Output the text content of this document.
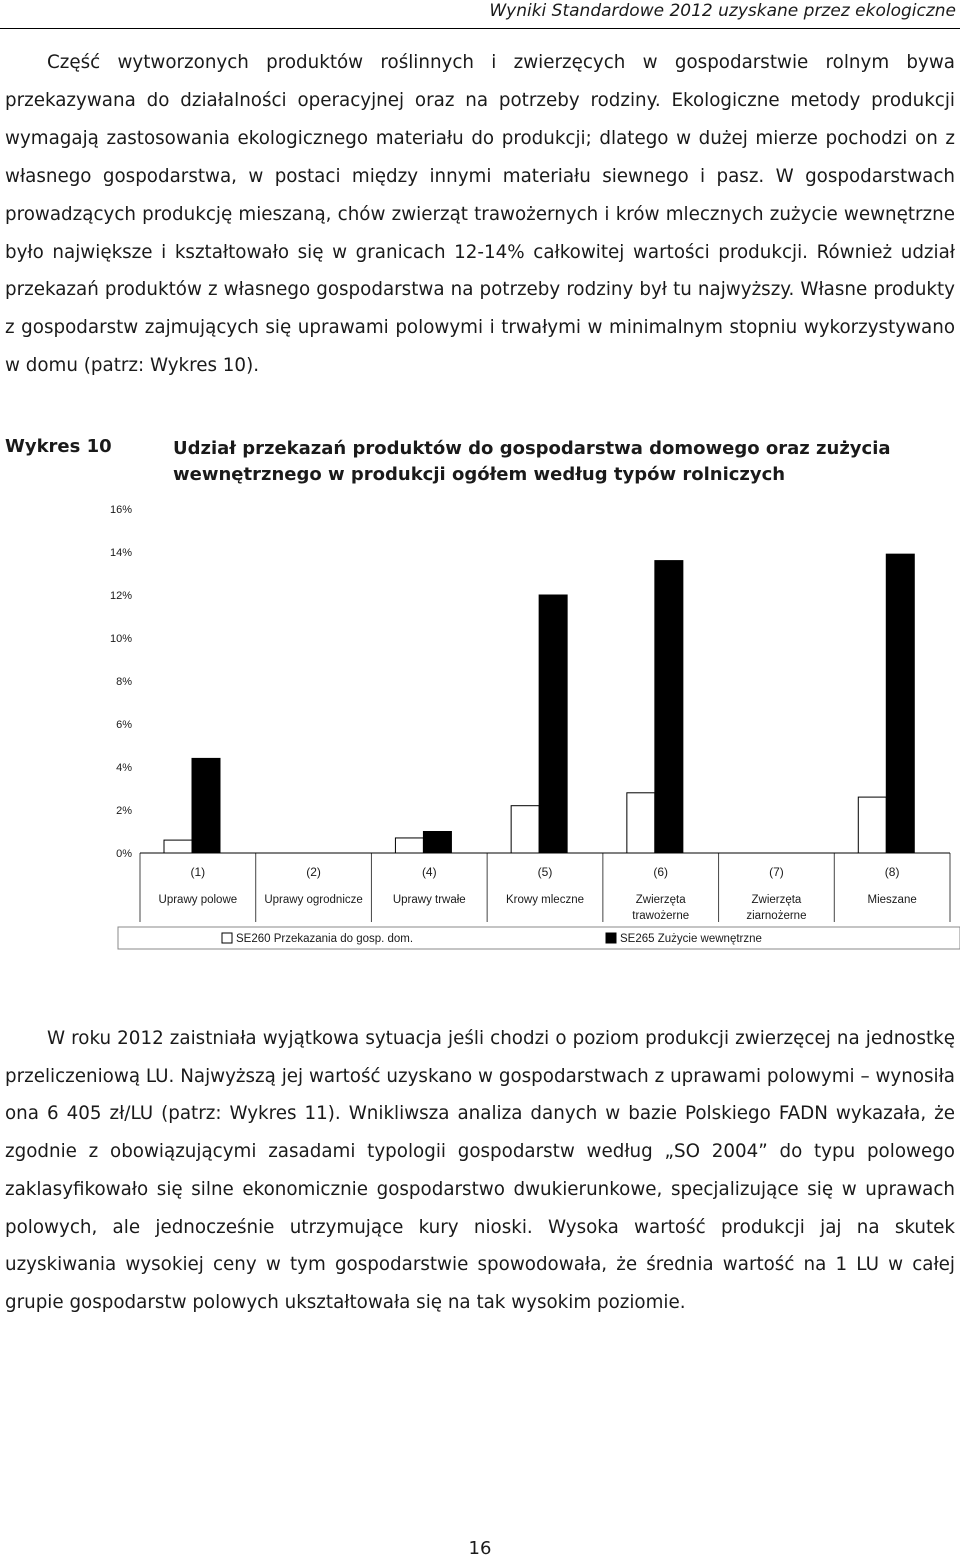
Wyniki Standardowe 2012 uzyskane przez ekologiczne

Część wytworzonych produktów roślinnych i zwierzęcych w gospodarstwie rolnym bywa przekazywana do działalności operacyjnej oraz na potrzeby rodziny. Ekologiczne metody produkcji wymagają zastosowania ekologicznego materiału do produkcji; dlatego w dużej mierze pochodzi on z własnego gospodarstwa, w postaci między innymi materiału siewnego i pasz. W gospodarstwach prowadzących produkcję mieszaną, chów zwierząt trawożernych i krów mlecznych zużycie wewnętrzne było największe i kształtowało się w granicach 12-14% całkowitej wartości produkcji. Również udział przekazań produktów z własnego gospodarstwa na potrzeby rodziny był tu najwyższy. Własne produkty z gospodarstw zajmujących się uprawami polowymi i trwałymi w minimalnym stopniu wykorzystywano w domu (patrz: Wykres 10).

Wykres 10	Udział przekazań produktów do gospodarstwa domowego oraz zużycia wewnętrznego w produkcji ogółem według typów rolniczych
0%
2%
4%
6%
8%
10%
12%
14%
16%
(1)
Uprawy polowe
(2)
Uprawy ogrodnicze
(4)
Uprawy trwałe
(5)
Krowy mleczne
(6)
Zwierzęta
trawożerne
(7)
Zwierzęta
ziarnożerne
(8)
Mieszane
SE260 Przekazania do gosp. dom.	SE265 Zużycie wewnętrzne

W roku 2012 zaistniała wyjątkowa sytuacja jeśli chodzi o poziom produkcji zwierzęcej na jednostkę przeliczeniową LU. Najwyższą jej wartość uzyskano w gospodarstwach z uprawami polowymi – wynosiła ona 6 405 zł/LU (patrz: Wykres 11). Wnikliwsza analiza danych w bazie Polskiego FADN wykazała, że zgodnie z obowiązującymi zasadami typologii gospodarstw według „SO 2004” do typu polowego zaklasyfikowało się silne ekonomicznie gospodarstwo dwukierunkowe, specjalizujące się w uprawach polowych, ale jednocześnie utrzymujące kury nioski. Wysoka wartość produkcji jaj na skutek uzyskiwania wysokiej ceny w tym gospodarstwie spowodowała, że średnia wartość na 1 LU w całej grupie gospodarstw polowych ukształtowała się na tak wysokim poziomie.

16
